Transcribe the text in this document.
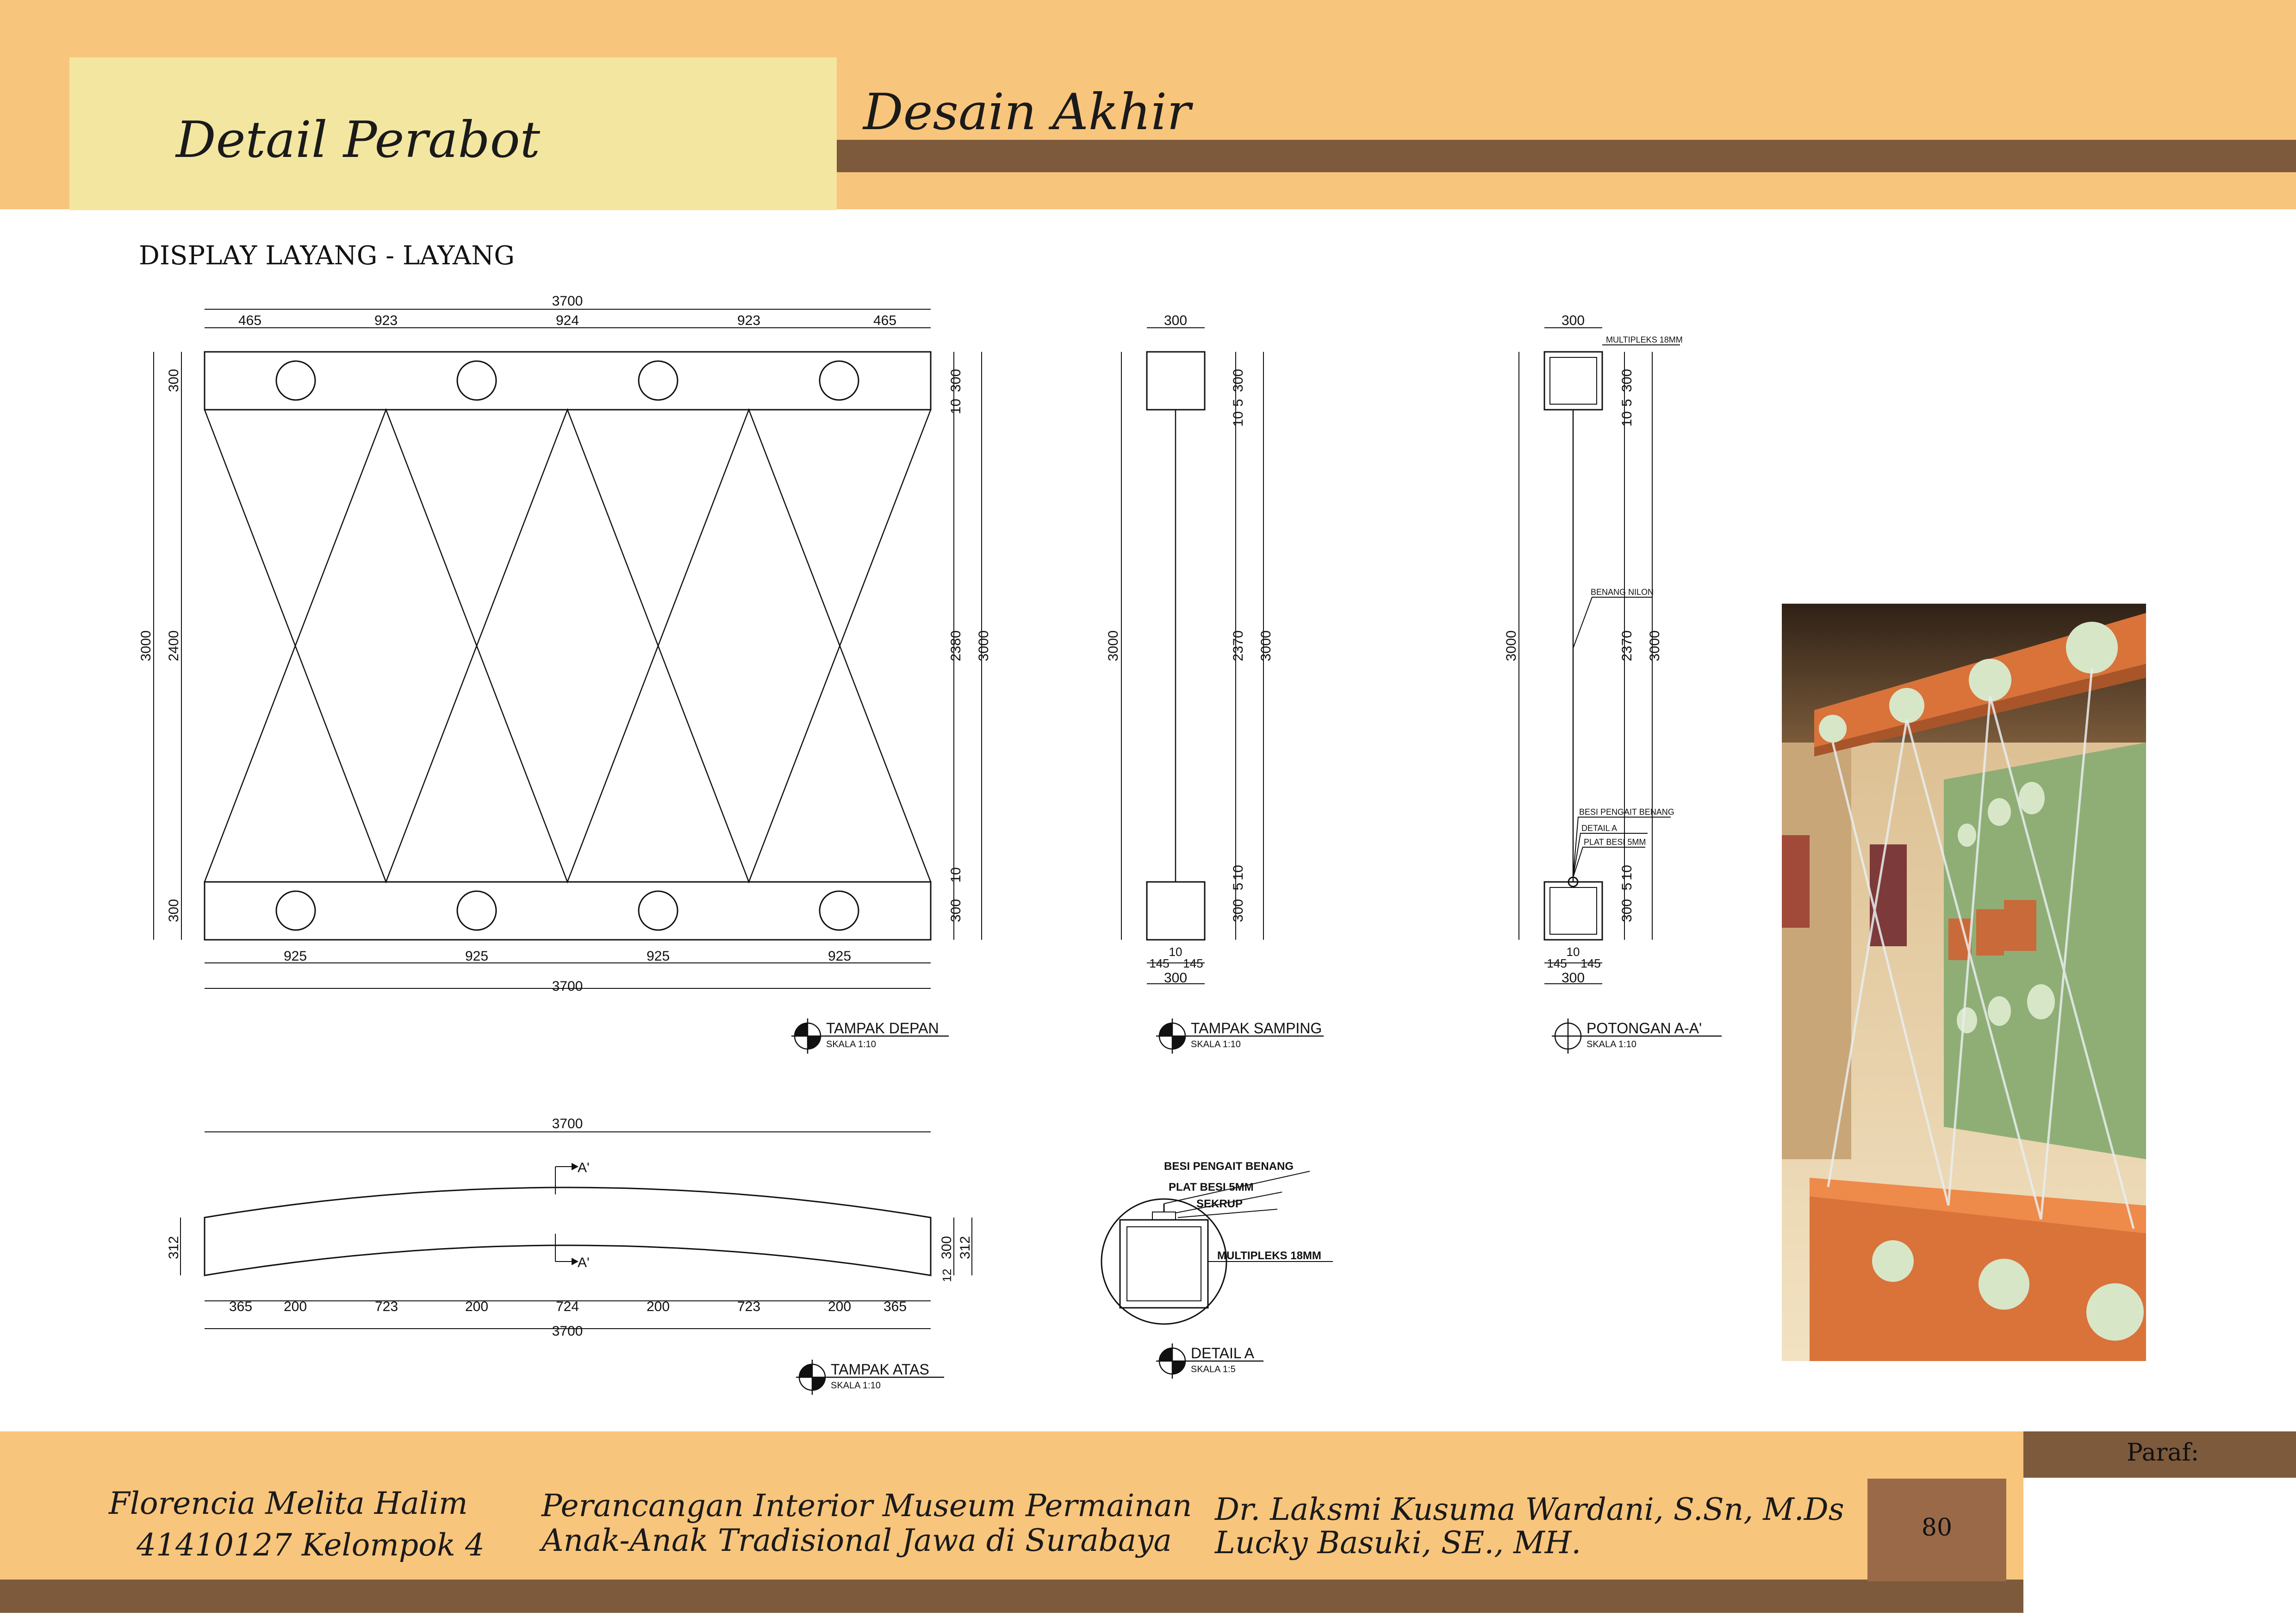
Detail Perabot	Desain Akhir
DISPLAY LAYANG - LAYANG
3700
465	923	924	923	465
925	925	925	925
3700
3000
300
2400
300
300
10
2380
10
300
3000
300
3000
300
5
10
2370
10
5
300
3000
145
10
145
300
300
3000
300
5
10
2370
10
5
300
3000
145
10
145
300
MULTIPLEKS 18MM
BENANG NILON
BESI PENGAIT BENANG
DETAIL A
PLAT BESI 5MM
3700
365 200	723	200	724	200	723	200 365
3700
312
12
300 312
A'
A'
BESI PENGAIT BENANG
PLAT BESI 5MM
SEKRUP
MULTIPLEKS 18MM
TAMPAK DEPAN
SKALA 1:10
TAMPAK SAMPING
SKALA 1:10
POTONGAN A-A'
SKALA 1:10
TAMPAK ATAS
SKALA 1:10
DETAIL A
SKALA 1:5
Paraf:
80
Florencia Melita Halim
41410127 Kelompok 4
Perancangan Interior Museum Permainan
Anak-Anak Tradisional Jawa di Surabaya
Dr. Laksmi Kusuma Wardani, S.Sn, M.Ds
Lucky Basuki, SE., MH.
